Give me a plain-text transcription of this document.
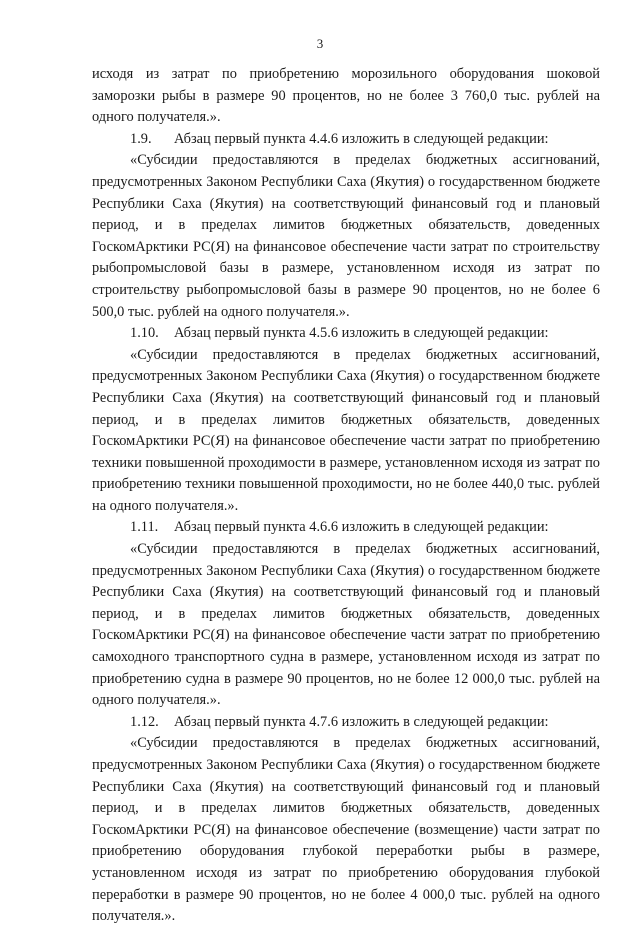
3

исходя из затрат по приобретению морозильного оборудования шоковой заморозки рыбы в размере 90 процентов, но не более 3 760,0 тыс. рублей на одного получателя.».

1.9. Абзац первый пункта 4.4.6 изложить в следующей редакции:

«Субсидии предоставляются в пределах бюджетных ассигнований, предусмотренных Законом Республики Саха (Якутия) о государственном бюджете Республики Саха (Якутия) на соответствующий финансовый год и плановый период, и в пределах лимитов бюджетных обязательств, доведенных ГоскомАрктики РС(Я) на финансовое обеспечение части затрат по строительству рыбопромысловой базы в размере, установленном исходя из затрат по строительству рыбопромысловой базы в размере 90 процентов, но не более 6 500,0 тыс. рублей на одного получателя.».

1.10. Абзац первый пункта 4.5.6 изложить в следующей редакции:

«Субсидии предоставляются в пределах бюджетных ассигнований, предусмотренных Законом Республики Саха (Якутия) о государственном бюджете Республики Саха (Якутия) на соответствующий финансовый год и плановый период, и в пределах лимитов бюджетных обязательств, доведенных ГоскомАрктики РС(Я) на финансовое обеспечение части затрат по приобретению техники повышенной проходимости в размере, установленном исходя из затрат по приобретению техники повышенной проходимости, но не более 440,0 тыс. рублей на одного получателя.».

1.11. Абзац первый пункта 4.6.6 изложить в следующей редакции:

«Субсидии предоставляются в пределах бюджетных ассигнований, предусмотренных Законом Республики Саха (Якутия) о государственном бюджете Республики Саха (Якутия) на соответствующий финансовый год и плановый период, и в пределах лимитов бюджетных обязательств, доведенных ГоскомАрктики РС(Я) на финансовое обеспечение части затрат по приобретению самоходного транспортного судна в размере, установленном исходя из затрат по приобретению судна в размере 90 процентов, но не более 12 000,0 тыс. рублей на одного получателя.».

1.12. Абзац первый пункта 4.7.6 изложить в следующей редакции:

«Субсидии предоставляются в пределах бюджетных ассигнований, предусмотренных Законом Республики Саха (Якутия) о государственном бюджете Республики Саха (Якутия) на соответствующий финансовый год и плановый период, и в пределах лимитов бюджетных обязательств, доведенных ГоскомАрктики РС(Я) на финансовое обеспечение (возмещение) части затрат по приобретению оборудования глубокой переработки рыбы в размере, установленном исходя из затрат по приобретению оборудования глубокой переработки в размере 90 процентов, но не более 4 000,0 тыс. рублей на одного получателя.».
